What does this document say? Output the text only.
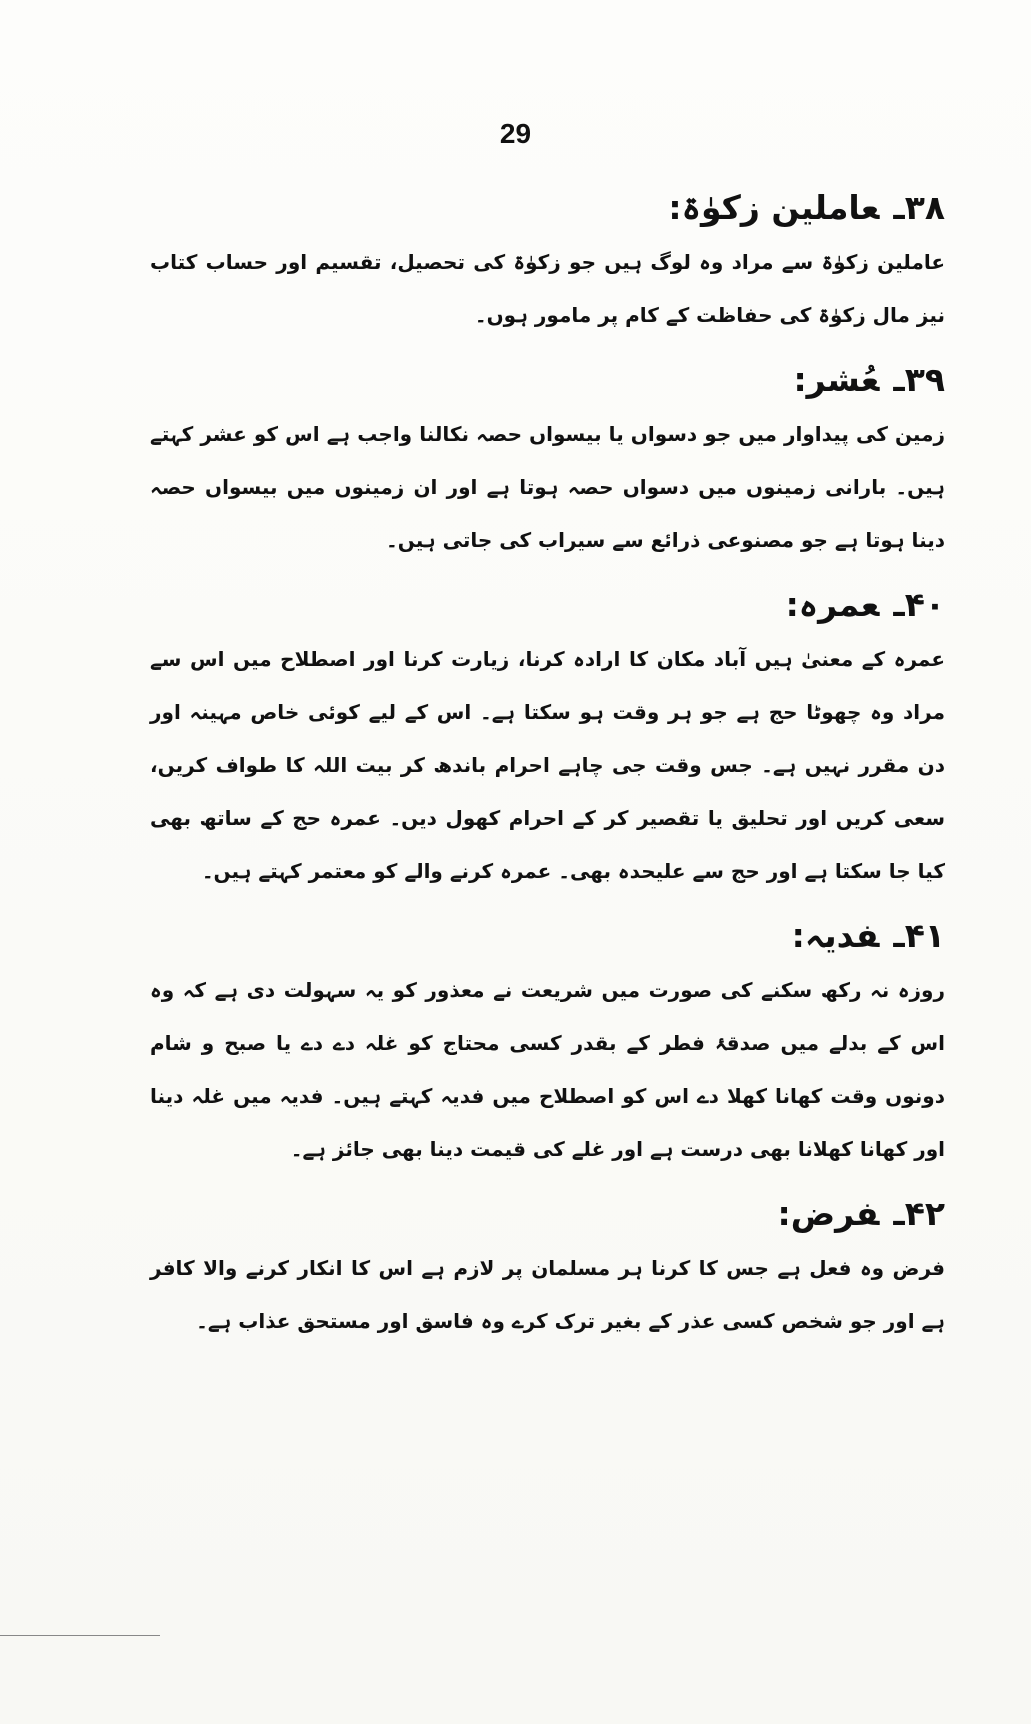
29

۳۸ـعاملین زکوٰۃ:

عاملین زکوٰۃ سے مراد وہ لوگ ہیں جو زکوٰۃ کی تحصیل، تقسیم اور حساب کتاب نیز مال زکوٰۃ کی حفاظت کے کام پر مامور ہوں۔

۳۹ـعُشر:

زمین کی پیداوار میں جو دسواں یا بیسواں حصہ نکالنا واجب ہے اس کو عشر کہتے ہیں۔ بارانی زمینوں میں دسواں حصہ ہوتا ہے اور ان زمینوں میں بیسواں حصہ دینا ہوتا ہے جو مصنوعی ذرائع سے سیراب کی جاتی ہیں۔

۴۰ـعمرہ:

عمرہ کے معنیٰ ہیں آباد مکان کا ارادہ کرنا، زیارت کرنا اور اصطلاح میں اس سے مراد وہ چھوٹا حج ہے جو ہر وقت ہو سکتا ہے۔ اس کے لیے کوئی خاص مہینہ اور دن مقرر نہیں ہے۔ جس وقت جی چاہے احرام باندھ کر بیت اللہ کا طواف کریں، سعی کریں اور تحلیق یا تقصیر کر کے احرام کھول دیں۔ عمرہ حج کے ساتھ بھی کیا جا سکتا ہے اور حج سے علیحدہ بھی۔ عمرہ کرنے والے کو معتمر کہتے ہیں۔

۴۱ـفدیہ:

روزہ نہ رکھ سکنے کی صورت میں شریعت نے معذور کو یہ سہولت دی ہے کہ وہ اس کے بدلے میں صدقۂ فطر کے بقدر کسی محتاج کو غلہ دے دے یا صبح و شام دونوں وقت کھانا کھلا دے اس کو اصطلاح میں فدیہ کہتے ہیں۔ فدیہ میں غلہ دینا اور کھانا کھلانا بھی درست ہے اور غلے کی قیمت دینا بھی جائز ہے۔

۴۲ـفرض:

فرض وہ فعل ہے جس کا کرنا ہر مسلمان پر لازم ہے اس کا انکار کرنے والا کافر ہے اور جو شخص کسی عذر کے بغیر ترک کرے وہ فاسق اور مستحق عذاب ہے۔
